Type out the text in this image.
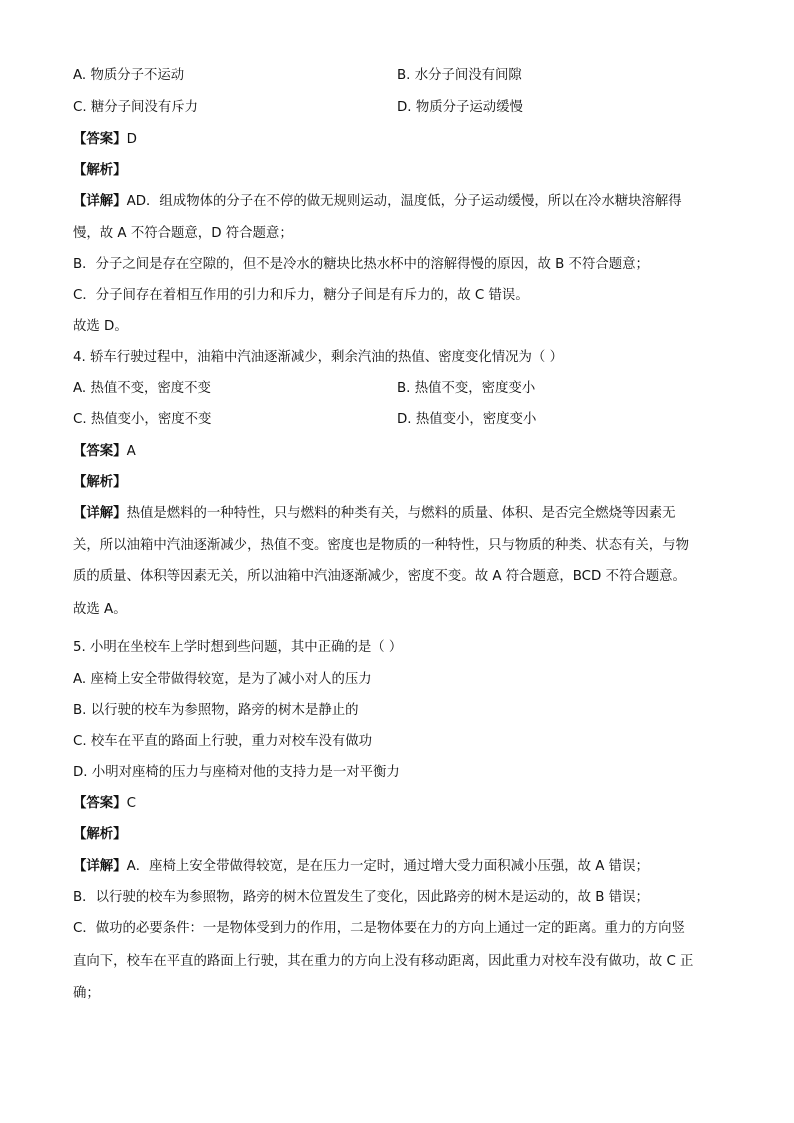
A. 物质分子不运动	B. 水分子间没有间隙
C. 糖分子间没有斥力	D. 物质分子运动缓慢
【答案】D
【解析】
【详解】AD．组成物体的分子在不停的做无规则运动，温度低，分子运动缓慢，所以在冷水糖块溶解得
慢，故 A 不符合题意，D 符合题意；
B．分子之间是存在空隙的，但不是冷水的糖块比热水杯中的溶解得慢的原因，故 B 不符合题意；
C．分子间存在着相互作用的引力和斥力，糖分子间是有斥力的，故 C 错误。
故选 D。
4. 轿车行驶过程中，油箱中汽油逐渐减少，剩余汽油的热值、密度变化情况为（ ）
A. 热值不变，密度不变	B. 热值不变，密度变小
C. 热值变小，密度不变	D. 热值变小，密度变小
【答案】A
【解析】
【详解】热值是燃料的一种特性，只与燃料的种类有关，与燃料的质量、体积、是否完全燃烧等因素无
关，所以油箱中汽油逐渐减少，热值不变。密度也是物质的一种特性，只与物质的种类、状态有关，与物
质的质量、体积等因素无关，所以油箱中汽油逐渐减少，密度不变。故 A 符合题意，BCD 不符合题意。
故选 A。
5. 小明在坐校车上学时想到些问题，其中正确的是（ ）
A. 座椅上安全带做得较宽，是为了减小对人的压力
B. 以行驶的校车为参照物，路旁的树木是静止的
C. 校车在平直的路面上行驶，重力对校车没有做功
D. 小明对座椅的压力与座椅对他的支持力是一对平衡力
【答案】C
【解析】
【详解】A．座椅上安全带做得较宽，是在压力一定时，通过增大受力面积减小压强，故 A 错误；
B．以行驶的校车为参照物，路旁的树木位置发生了变化，因此路旁的树木是运动的，故 B 错误；
C．做功的必要条件：一是物体受到力的作用，二是物体要在力的方向上通过一定的距离。重力的方向竖
直向下，校车在平直的路面上行驶，其在重力的方向上没有移动距离，因此重力对校车没有做功，故 C 正
确；
